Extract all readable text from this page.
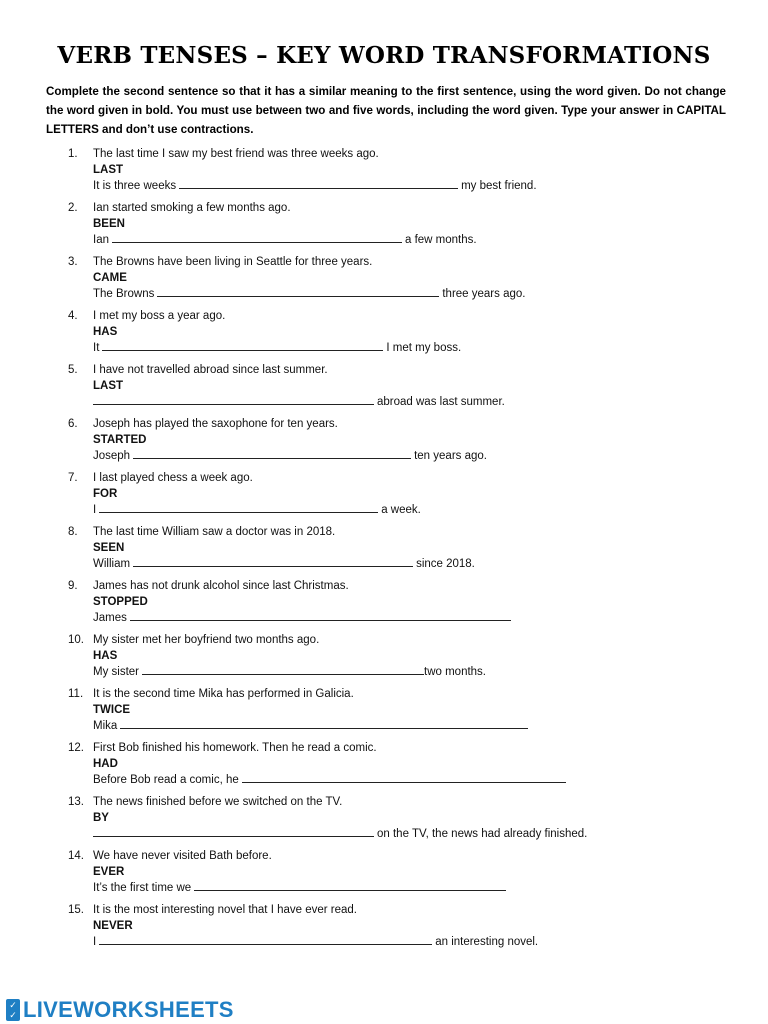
VERB TENSES – KEY WORD TRANSFORMATIONS
Complete the second sentence so that it has a similar meaning to the first sentence, using the word given. Do not change the word given in bold. You must use between two and five words, including the word given. Type your answer in CAPITAL LETTERS and don’t use contractions.
1.	The last time I saw my best friend was three weeks ago.
LAST
It is three weeks	my best friend.
2.	Ian started smoking a few months ago.
BEEN
Ian	a few months.
3.	The Browns have been living in Seattle for three years.
CAME
The Browns	three years ago.
4.	I met my boss a year ago.
HAS
It	I met my boss.
5.	I have not travelled abroad since last summer.
LAST
abroad was last summer.
6.	Joseph has played the saxophone for ten years.
STARTED
Joseph	ten years ago.
7.	I last played chess a week ago.
FOR
I	a week.
8.	The last time William saw a doctor was in 2018.
SEEN
William	since 2018.
9.	James has not drunk alcohol since last Christmas.
STOPPED
James
10. My sister met her boyfriend two months ago.
HAS
My sister	two months.
11. It is the second time Mika has performed in Galicia.
TWICE
Mika
12. First Bob finished his homework. Then he read a comic.
HAD
Before Bob read a comic, he
13. The news finished before we switched on the TV.
BY
on the TV, the news had already finished.
14. We have never visited Bath before.
EVER
It’s the first time we
15. It is the most interesting novel that I have ever read.
NEVER
I	an interesting novel.
✓
✓ LIVEWORKSHEETS
